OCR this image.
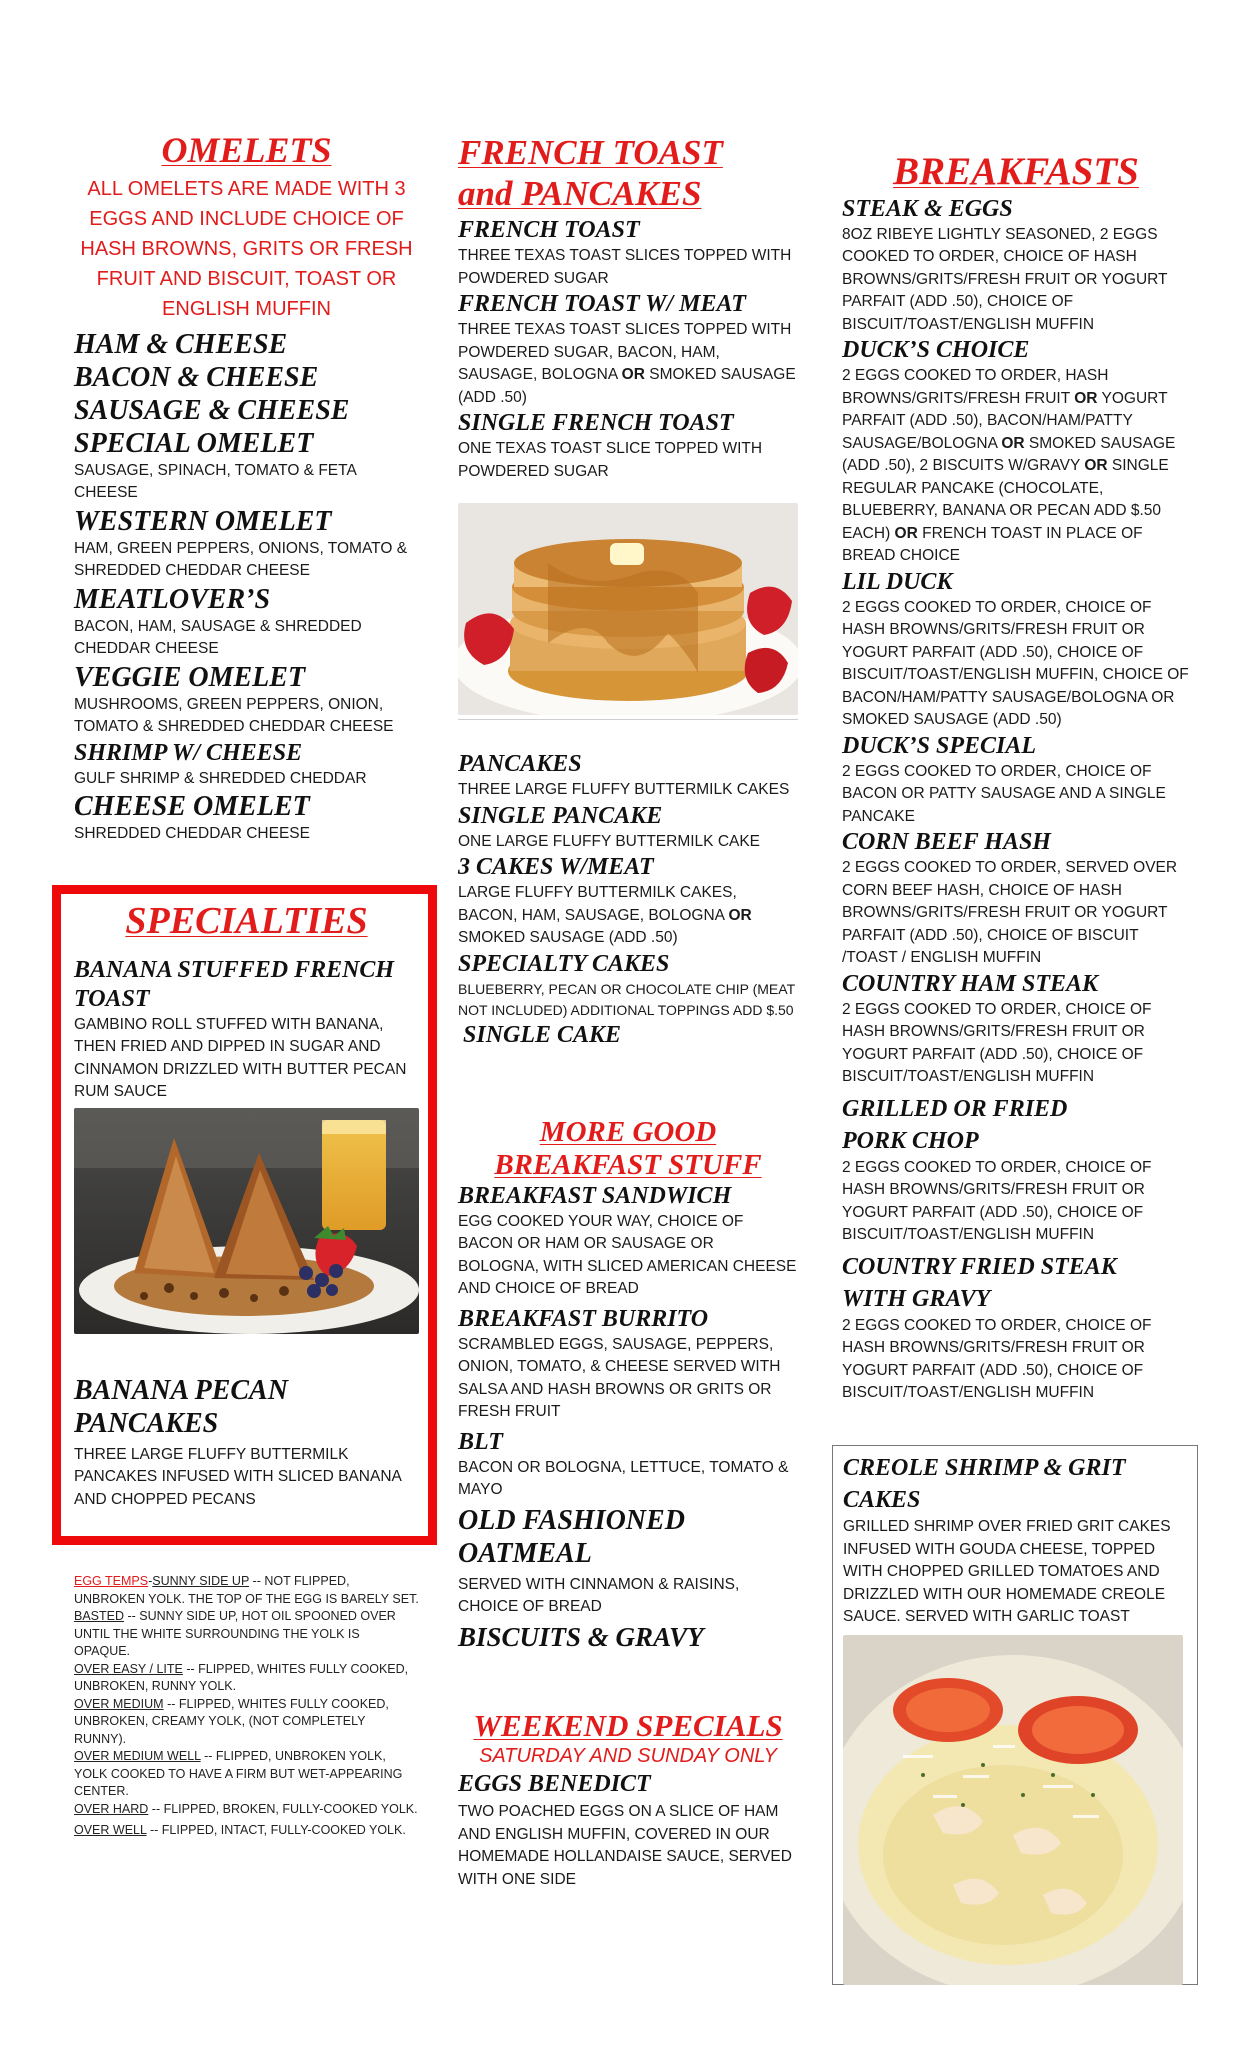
OMELETS
ALL OMELETS ARE MADE WITH 3 EGGS AND INCLUDE CHOICE OF HASH BROWNS, GRITS OR FRESH FRUIT AND BISCUIT, TOAST OR ENGLISH MUFFIN
HAM & CHEESE
BACON & CHEESE
SAUSAGE & CHEESE
SPECIAL OMELET
SAUSAGE, SPINACH, TOMATO & FETA CHEESE
WESTERN OMELET
HAM, GREEN PEPPERS, ONIONS, TOMATO & SHREDDED CHEDDAR CHEESE
MEATLOVER’S
BACON, HAM, SAUSAGE & SHREDDED CHEDDAR CHEESE
VEGGIE OMELET
MUSHROOMS, GREEN PEPPERS, ONION, TOMATO & SHREDDED CHEDDAR CHEESE
SHRIMP W/ CHEESE
GULF SHRIMP & SHREDDED CHEDDAR
CHEESE OMELET
SHREDDED CHEDDAR CHEESE
SPECIALTIES
BANANA STUFFED FRENCH TOAST
GAMBINO ROLL STUFFED WITH BANANA, THEN FRIED AND DIPPED IN SUGAR AND CINNAMON DRIZZLED WITH BUTTER PECAN RUM SAUCE
BANANA PECAN PANCAKES
THREE LARGE FLUFFY BUTTERMILK PANCAKES INFUSED WITH SLICED BANANA AND CHOPPED PECANS
EGG TEMPS-SUNNY SIDE UP -- NOT FLIPPED, UNBROKEN YOLK. THE TOP OF THE EGG IS BARELY SET.
BASTED -- SUNNY SIDE UP, HOT OIL SPOONED OVER UNTIL THE WHITE SURROUNDING THE YOLK IS OPAQUE.
OVER EASY / LITE -- FLIPPED, WHITES FULLY COOKED, UNBROKEN, RUNNY YOLK.
OVER MEDIUM -- FLIPPED, WHITES FULLY COOKED, UNBROKEN, CREAMY YOLK, (NOT COMPLETELY RUNNY).
OVER MEDIUM WELL -- FLIPPED, UNBROKEN YOLK, YOLK COOKED TO HAVE A FIRM BUT WET-APPEARING CENTER.
OVER HARD -- FLIPPED, BROKEN, FULLY-COOKED YOLK.
OVER WELL -- FLIPPED, INTACT, FULLY-COOKED YOLK.
FRENCH TOAST
and PANCAKES
FRENCH TOAST
THREE TEXAS TOAST SLICES TOPPED WITH POWDERED SUGAR
FRENCH TOAST W/ MEAT
THREE TEXAS TOAST SLICES TOPPED WITH POWDERED SUGAR, BACON, HAM, SAUSAGE, BOLOGNA OR SMOKED SAUSAGE (ADD .50)
SINGLE FRENCH TOAST
ONE TEXAS TOAST SLICE TOPPED WITH POWDERED SUGAR
PANCAKES
THREE LARGE FLUFFY BUTTERMILK CAKES
SINGLE PANCAKE
ONE LARGE FLUFFY BUTTERMILK CAKE
3 CAKES W/MEAT
LARGE FLUFFY BUTTERMILK CAKES, BACON, HAM, SAUSAGE, BOLOGNA OR SMOKED SAUSAGE (ADD .50)
SPECIALTY CAKES
BLUEBERRY, PECAN OR CHOCOLATE CHIP (MEAT NOT INCLUDED) ADDITIONAL TOPPINGS ADD $.50
SINGLE CAKE
MORE GOOD
BREAKFAST STUFF
BREAKFAST SANDWICH
EGG COOKED YOUR WAY, CHOICE OF BACON OR HAM OR SAUSAGE OR BOLOGNA, WITH SLICED AMERICAN CHEESE AND CHOICE OF BREAD
BREAKFAST BURRITO
SCRAMBLED EGGS, SAUSAGE, PEPPERS, ONION, TOMATO, & CHEESE SERVED WITH SALSA AND HASH BROWNS OR GRITS OR FRESH FRUIT
BLT
BACON OR BOLOGNA, LETTUCE, TOMATO & MAYO
OLD FASHIONED OATMEAL
SERVED WITH CINNAMON & RAISINS, CHOICE OF BREAD
BISCUITS & GRAVY
WEEKEND SPECIALS
SATURDAY AND SUNDAY ONLY
EGGS BENEDICT
TWO POACHED EGGS ON A SLICE OF HAM AND ENGLISH MUFFIN, COVERED IN OUR HOMEMADE HOLLANDAISE SAUCE, SERVED WITH ONE SIDE
BREAKFASTS
STEAK & EGGS
8OZ RIBEYE LIGHTLY SEASONED, 2 EGGS COOKED TO ORDER, CHOICE OF HASH BROWNS/GRITS/FRESH FRUIT OR YOGURT PARFAIT (ADD .50), CHOICE OF BISCUIT/TOAST/ENGLISH MUFFIN
DUCK’S CHOICE
2 EGGS COOKED TO ORDER, HASH BROWNS/GRITS/FRESH FRUIT OR YOGURT PARFAIT (ADD .50), BACON/HAM/PATTY SAUSAGE/BOLOGNA OR SMOKED SAUSAGE (ADD .50), 2 BISCUITS W/GRAVY OR SINGLE REGULAR PANCAKE (CHOCOLATE, BLUEBERRY, BANANA OR PECAN ADD $.50 EACH) OR FRENCH TOAST IN PLACE OF BREAD CHOICE
LIL DUCK
2 EGGS COOKED TO ORDER, CHOICE OF HASH BROWNS/GRITS/FRESH FRUIT OR YOGURT PARFAIT (ADD .50), CHOICE OF BISCUIT/TOAST/ENGLISH MUFFIN, CHOICE OF BACON/HAM/PATTY SAUSAGE/BOLOGNA OR SMOKED SAUSAGE (ADD .50)
DUCK’S SPECIAL
2 EGGS COOKED TO ORDER, CHOICE OF BACON OR PATTY SAUSAGE AND A SINGLE PANCAKE
CORN BEEF HASH
2 EGGS COOKED TO ORDER, SERVED OVER CORN BEEF HASH, CHOICE OF HASH BROWNS/GRITS/FRESH FRUIT OR YOGURT PARFAIT (ADD .50), CHOICE OF BISCUIT /TOAST / ENGLISH MUFFIN
COUNTRY HAM STEAK
2 EGGS COOKED TO ORDER, CHOICE OF HASH BROWNS/GRITS/FRESH FRUIT OR YOGURT PARFAIT (ADD .50), CHOICE OF BISCUIT/TOAST/ENGLISH MUFFIN
GRILLED OR FRIED PORK CHOP
2 EGGS COOKED TO ORDER, CHOICE OF HASH BROWNS/GRITS/FRESH FRUIT OR YOGURT PARFAIT (ADD .50), CHOICE OF BISCUIT/TOAST/ENGLISH MUFFIN
COUNTRY FRIED STEAK WITH GRAVY
2 EGGS COOKED TO ORDER, CHOICE OF HASH BROWNS/GRITS/FRESH FRUIT OR YOGURT PARFAIT (ADD .50), CHOICE OF BISCUIT/TOAST/ENGLISH MUFFIN
CREOLE SHRIMP & GRIT CAKES
GRILLED SHRIMP OVER FRIED GRIT CAKES INFUSED WITH GOUDA CHEESE, TOPPED WITH CHOPPED GRILLED TOMATOES AND DRIZZLED WITH OUR HOMEMADE CREOLE SAUCE. SERVED WITH GARLIC TOAST
